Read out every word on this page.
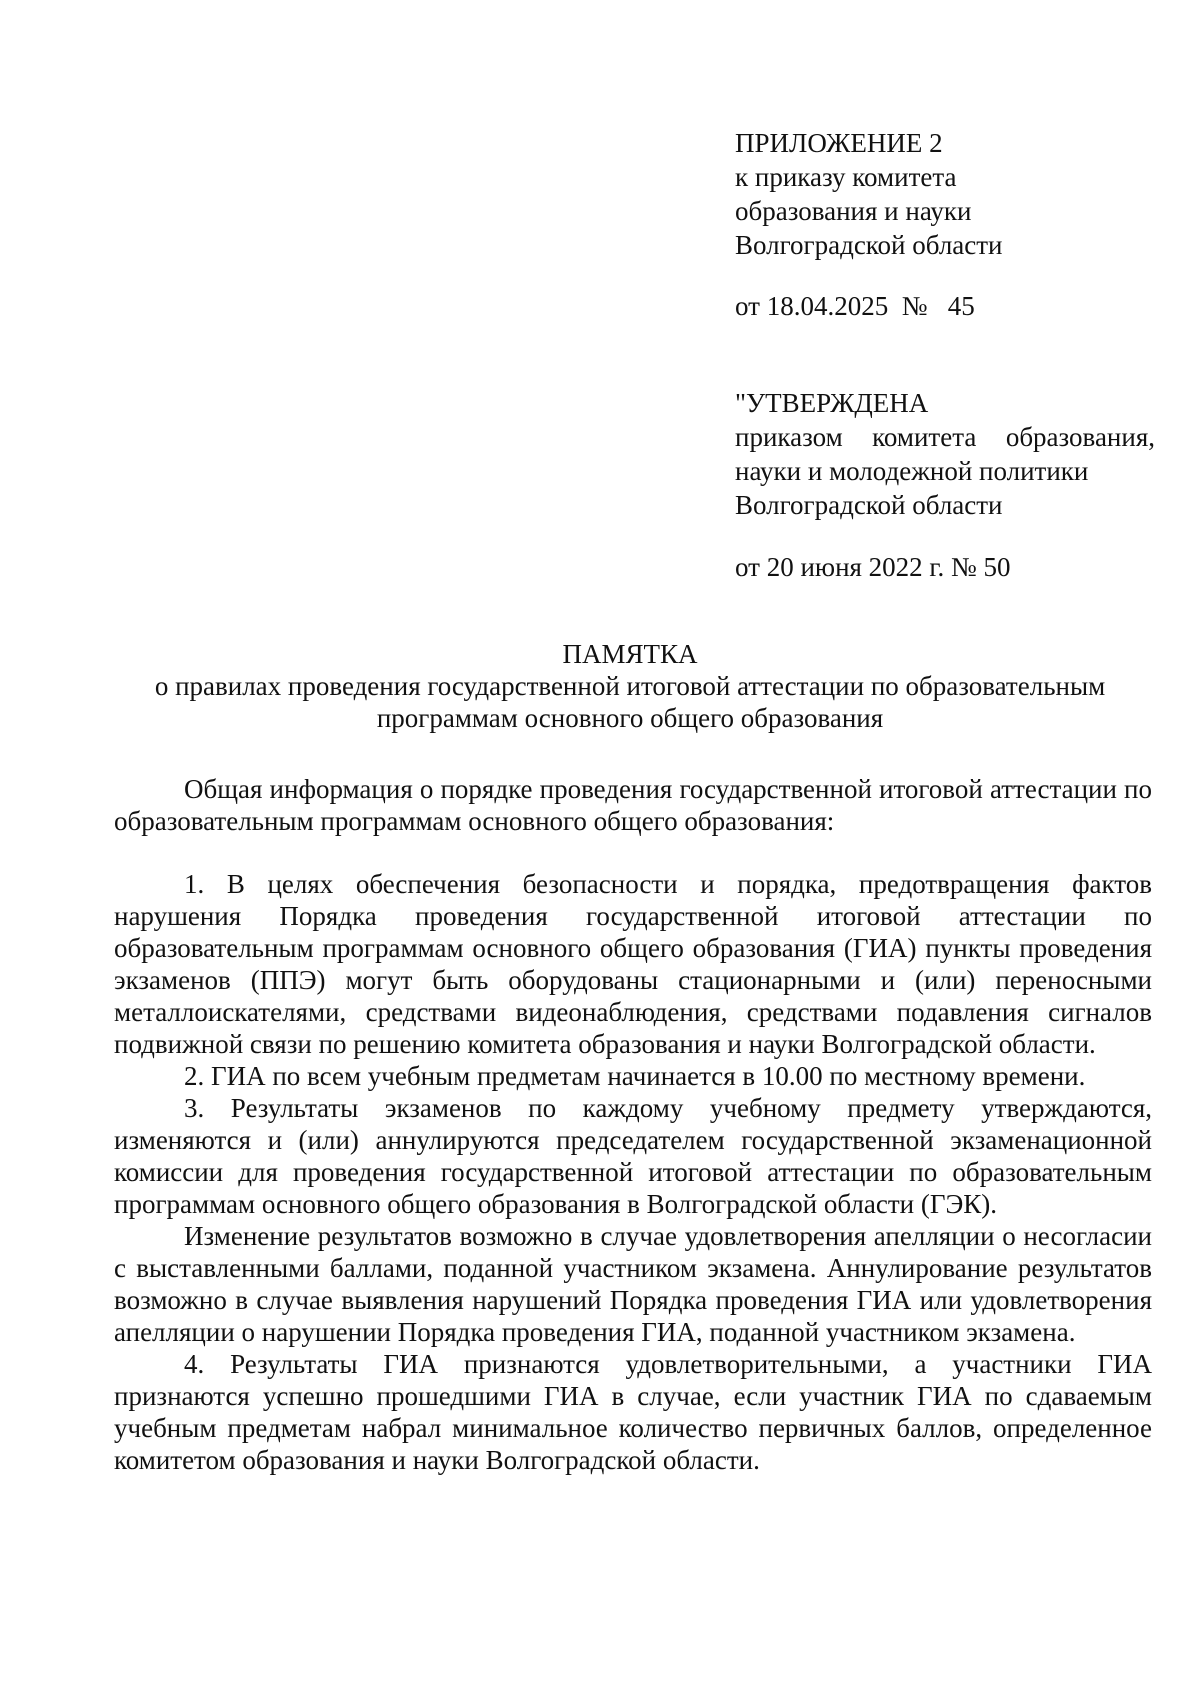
ПРИЛОЖЕНИЕ 2
к приказу комитета
образования и науки
Волгоградской области
от 18.04.2025  №   45
"УТВЕРЖДЕНА
приказом комитета образования,
науки и молодежной политики
Волгоградской области
от 20 июня 2022 г. № 50
ПАМЯТКА
о правилах проведения государственной итоговой аттестации по образовательным
программам основного общего образования

Общая информация о порядке проведения государственной итоговой аттестации по образовательным программам основного общего образования:

1. В целях обеспечения безопасности и порядка, предотвращения фактов нарушения Порядка проведения государственной итоговой аттестации по образовательным программам основного общего образования (ГИА) пункты проведения экзаменов (ППЭ) могут быть оборудованы стационарными и (или) переносными металлоискателями, средствами видеонаблюдения, средствами подавления сигналов подвижной связи по решению комитета образования и науки Волгоградской области.

2. ГИА по всем учебным предметам начинается в 10.00 по местному времени.

3. Результаты экзаменов по каждому учебному предмету утверждаются, изменяются и (или) аннулируются председателем государственной экзаменационной комиссии для проведения государственной итоговой аттестации по образовательным программам основного общего образования в Волгоградской области (ГЭК).

Изменение результатов возможно в случае удовлетворения апелляции о несогласии с выставленными баллами, поданной участником экзамена. Аннулирование результатов возможно в случае выявления нарушений Порядка проведения ГИА или удовлетворения апелляции о нарушении Порядка проведения ГИА, поданной участником экзамена.

4. Результаты ГИА признаются удовлетворительными, а участники ГИА признаются успешно прошедшими ГИА в случае, если участник ГИА по сдаваемым учебным предметам набрал минимальное количество первичных баллов, определенное комитетом образования и науки Волгоградской области.
